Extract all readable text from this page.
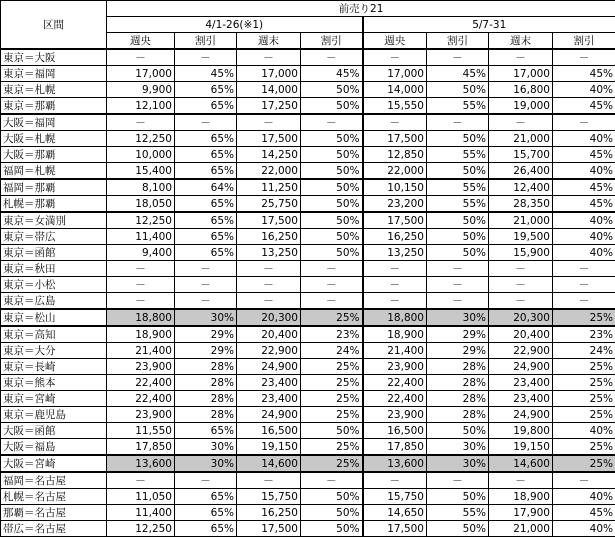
区間	前売り21							
	4/1-26(※1)				5/7-31			
	週央	割引	週末	割引	週央	割引	週末	割引
東京＝大阪	－	－	－	－	－	－	－	－
東京＝福岡	17,000	45%	17,000	45%	17,000	45%	17,000	45%
東京＝札幌	9,900	65%	14,000	50%	14,000	50%	16,800	40%
東京＝那覇	12,100	65%	17,250	50%	15,550	55%	19,000	45%
大阪＝福岡	－	－	－	－	－	－	－	－
大阪＝札幌	12,250	65%	17,500	50%	17,500	50%	21,000	40%
大阪＝那覇	10,000	65%	14,250	50%	12,850	55%	15,700	45%
福岡＝札幌	15,400	65%	22,000	50%	22,000	50%	26,400	40%
福岡＝那覇	8,100	64%	11,250	50%	10,150	55%	12,400	45%
札幌＝那覇	18,050	65%	25,750	50%	23,200	55%	28,350	45%
東京＝女満別	12,250	65%	17,500	50%	17,500	50%	21,000	40%
東京＝帯広	11,400	65%	16,250	50%	16,250	50%	19,500	40%
東京＝函館	9,400	65%	13,250	50%	13,250	50%	15,900	40%
東京＝秋田	－	－	－	－	－	－	－	－
東京＝小松	－	－	－	－	－	－	－	－
東京＝広島	－	－	－	－	－	－	－	－
東京＝松山	18,800	30%	20,300	25%	18,800	30%	20,300	25%
東京＝高知	18,900	29%	20,400	23%	18,900	29%	20,400	23%
東京＝大分	21,400	29%	22,900	24%	21,400	29%	22,900	24%
東京＝長崎	23,900	28%	24,900	25%	23,900	28%	24,900	25%
東京＝熊本	22,400	28%	23,400	25%	22,400	28%	23,400	25%
東京＝宮崎	22,400	28%	23,400	25%	22,400	28%	23,400	25%
東京＝鹿児島	23,900	28%	24,900	25%	23,900	28%	24,900	25%
大阪＝函館	11,550	65%	16,500	50%	16,500	50%	19,800	40%
大阪＝福島	17,850	30%	19,150	25%	17,850	30%	19,150	25%
大阪＝宮崎	13,600	30%	14,600	25%	13,600	30%	14,600	25%
福岡＝名古屋	－	－	－	－	－	－	－	－
札幌＝名古屋	11,050	65%	15,750	50%	15,750	50%	18,900	40%
那覇＝名古屋	11,400	65%	16,250	50%	14,650	55%	17,900	45%
帯広＝名古屋	12,250	65%	17,500	50%	17,500	50%	21,000	40%
